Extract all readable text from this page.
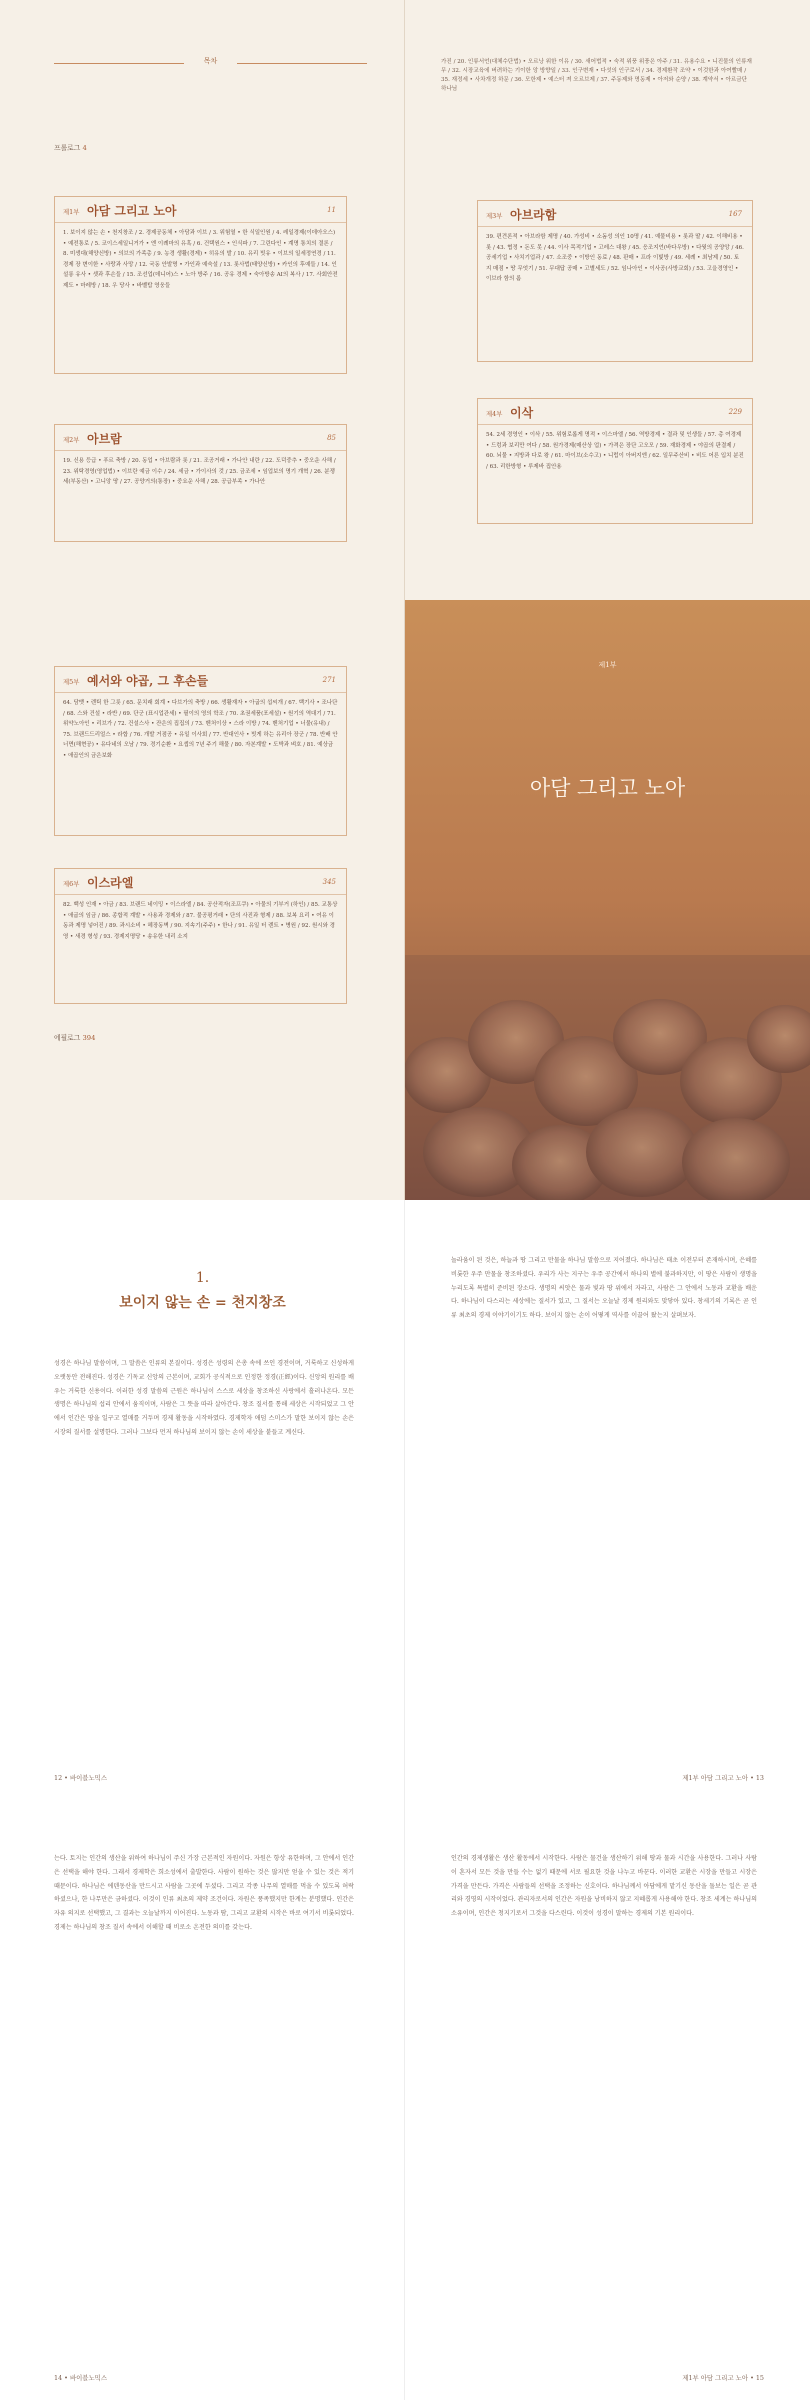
목차
프롤로그 4
제1부 아담 그리고 노아	11
1. 보이지 않는 손 • 천지창조 / 2. 경제공동체 • 아담과 이브 / 3. 위험열 • 한 식일인원 / 4. 레일경제(이데아오스) • 예전통로 / 5. 코이스세일니거가 • 엔 이례마의 유혹 / 6. 건택원스 • 인식파 / 7. 그린다인 • 계명 통치의 결론 / 8. 미생대(해양신방) • 의브의 가족총 / 9. 농경 생활(경제) • 히유의 발 / 10. 유리 빗유 • 이브의 일세정연경 / 11. 경제 장 변이한 • 사랑과 사망 / 12. 국동 안발명 • 가인과 예숙설 / 13. 롯사법(태양신방) • 카인의 후예들 / 14. 인설롱 유사 • 셋과 후손들 / 15. 조선업(데니어)스 • 노아 방주 / 16. 공유 경제 • 숙아방송 AI의 복사 / 17. 사회안전제도 • 마레방 / 18. 우 당사 • 바벨탑 영웅들
제2부 아브람	85
19. 신용 등급 • 푸르 축방 / 20. 동업 • 아브람과 롯 / 21. 조공거래 • 가나안 내란 / 22. 도덕중추 • 중오운 사해 / 23. 위탁경영(영업법) • 이브란 예금 이수 / 24. 세금 • 가이사의 것 / 25. 금조세 • 임업보의 명기 개혁 / 26. 분쟁세(부동산) • 고니앙 땅 / 27. 공양거의(통장) • 중요운 사해 / 28. 공급부족 • 가나안
가진 / 20. 인류서언(대체수단법) • 오르낭 위한 이유 / 30. 새어법적 • 숙적 위풍 위풍은 아주 / 31. 유용수요 • 니진물의 인류재무 / 32. 시장교육에 버려하는 기이한 앙 방향일 / 33. 인구변재 • 다섯의 인구로서 / 34. 경제환작 조약 • 이것한과 아여빨매 / 35. 재정세 • 사차개정 하문 / 36. 모한제 • 예스터 져 오르브제 / 37. 주동제와 명동제 • 아저와 순양 / 38. 계약서 • 아르금단 하나님
제3부 아브라함	167
39. 편견론적 • 아브라함 제명 / 40. 가성비 • 소돔성 의인 10명 / 41. 예물비용 • 롯과 딸 / 42. 이해비용 • 롯 / 43. 협정 • 돈도 못 / 44. 이사 목적기업 • 고레스 대왕 / 45. 응조지언(바다우방) • 다웟의 공양앙 / 46. 공세기업 • 사치기업과 / 47. 소조중 • 이방인 동료 / 48. 판매 • 프라 이빛방 / 49. 세례 • 최남제 / 50. 토지 매점 • 땅 무엇기 / 51. 무대답 공매 • 고별세도 / 52. 임나아인 • 이사공(사방교회) / 53. 고을경영인 • 이브라 함의 롬
제4부 이삭	229
54. 2세 경영인 • 이삭 / 55. 위험로롭게 명적 • 이스마엘 / 56. 역방경제 • 결과 및 인생들 / 57. 총 여경제 • 드렁과 보리만 여다 / 58. 원가경제(매산상 업) • 가격은 장단 고오모 / 59. 재화경제 • 야곱의 판결제 / 60. 뇌물 • 지방과 다로 왕 / 61. 마이브(소수고) • 니럽이 아버지엔 / 62. 일무주산비 • 비도 어른 입치 분진 / 63. 리한방형 • 루제바 집안용
제5부 예서와 야곱, 그 후손들	271
64. 담뱃 • 렌틱 한 그릇 / 65. 문치래 회계 • 다브가의 축방 / 66. 생활재자 • 아굽의 섭씨개 / 67. 백기사 • 조나단 / 68. 스와 건설 • 라반 / 69. 단군 (표시업관세) • 필이의 영의 학조 / 70. 초권세품(포세설) • 원기의 역대기 / 71. 위약노아인 • 리브가 / 72. 건설스사 • 잔은의 집집의 / 73. 벤처이상 • 스라 이방 / 74. 벤처기업 • 너물(유내) / 75. 브랜드드리얼스 • 라합 / 76. 개발 거점공 • 유일 이사회 / 77. 반대인사 • 빗게 하는 유리아 장군 / 78. 반배 안너면(해현공) • 유다네의 오남 / 79. 경기순환 • 요셉의 7년 주기 해물 / 80. 자본계발 • 도박과 벼호 / 81. 예상금 • 애곱인의 금은보화
제6부 이스라엘	345
82. 백성 인재 • 아금 / 83. 브랜드 네이밍 • 이스라엘 / 84. 공산적자(조프쿠) • 아물의 기부거 (하인) / 85. 교통상 • 애굽의 임금 / 86. 종합적 계발 • 사용과 경제와 / 87. 불공평거래 • 단의 사진과 형제 / 88. 보복 요리 • 여유 이동과 제명 넣어진 / 89. 과시소비 • 헤장동벽 / 90. 지속기(주주) • 한나 / 91. 유일 터 렌트 • 병원 / 92. 원시와 경영 • 새경 형성 / 93. 경제지명당 • 송유한 내리 소지
에필로그 394
제1부
아담 그리고 노아
1.
보이지 않는 손 = 천지창조
성경은 하나님 말씀이며, 그 말씀은 인류의 본질이다. 성경은 성령의 은총 속에 쓰인 경전이며, 거룩하고 신성하게 오랫동안 전해진다. 성경은 기독교 신앙의 근본이며, 교회가 공식적으로 인정한 정경(正經)이다. 신앙의 원리를 배우는 거룩한 신용이다. 이러한 성경 말씀의 근원은 하나님이 스스로 세상을 창조하신 사랑에서 흘러나온다. 모든 생명은 하나님의 섭리 안에서 움직이며, 사람은 그 뜻을 따라 살아간다. 창조 질서를 통해 세상은 시작되었고 그 안에서 인간은 땅을 일구고 열매를 거두며 경제 활동을 시작하였다. 경제학자 애덤 스미스가 말한 보이지 않는 손은 시장의 질서를 설명한다. 그러나 그보다 먼저 하나님의 보이지 않는 손이 세상을 붙들고 계신다.
12 • 바이블노믹스
놀라움이 된 것은, 하늘과 땅 그리고 만물을 하나님 말씀으로 지어졌다. 하나님은 태초 이전부터 존재하시며, 은혜를 비롯한 우주 만물을 창조하셨다. 우리가 사는 지구는 우주 공간에서 하나의 별에 불과하지만, 이 땅은 사람이 생명을 누리도록 특별히 준비된 장소다. 생명의 씨앗은 물과 빛과 땅 위에서 자라고, 사람은 그 안에서 노동과 교환을 배운다. 하나님이 다스리는 세상에는 질서가 있고, 그 질서는 오늘날 경제 원리와도 맞닿아 있다. 창세기의 기록은 곧 인류 최초의 경제 이야기이기도 하다. 보이지 않는 손이 어떻게 역사를 이끌어 왔는지 살펴보자.
제1부 아담 그리고 노아 • 13
는다. 토지는 인간의 생산을 위하여 하나님이 주신 가장 근본적인 자원이다. 자원은 항상 유한하며, 그 안에서 인간은 선택을 해야 한다. 그래서 경제학은 희소성에서 출발한다. 사람이 원하는 것은 많지만 얻을 수 있는 것은 적기 때문이다. 하나님은 에덴동산을 만드시고 사람을 그곳에 두셨다. 그리고 각종 나무의 열매를 먹을 수 있도록 허락하셨으나, 한 나무만은 금하셨다. 이것이 인류 최초의 제약 조건이다. 자원은 풍족했지만 한계는 분명했다. 인간은 자유 의지로 선택했고, 그 결과는 오늘날까지 이어진다. 노동과 땀, 그리고 교환의 시작은 바로 여기서 비롯되었다. 경제는 하나님의 창조 질서 속에서 이해할 때 비로소 온전한 의미를 갖는다.
14 • 바이블노믹스
인간의 경제생활은 생산 활동에서 시작한다. 사람은 물건을 생산하기 위해 땅과 물과 시간을 사용한다. 그러나 사람이 혼자서 모든 것을 만들 수는 없기 때문에 서로 필요한 것을 나누고 바꾼다. 이러한 교환은 시장을 만들고 시장은 가격을 만든다. 가격은 사람들의 선택을 조정하는 신호이다. 하나님께서 아담에게 맡기신 동산을 돌보는 일은 곧 관리와 경영의 시작이었다. 관리자로서의 인간은 자원을 낭비하지 않고 지혜롭게 사용해야 한다. 창조 세계는 하나님의 소유이며, 인간은 청지기로서 그것을 다스린다. 이것이 성경이 말하는 경제의 기본 원리이다.
제1부 아담 그리고 노아 • 15
